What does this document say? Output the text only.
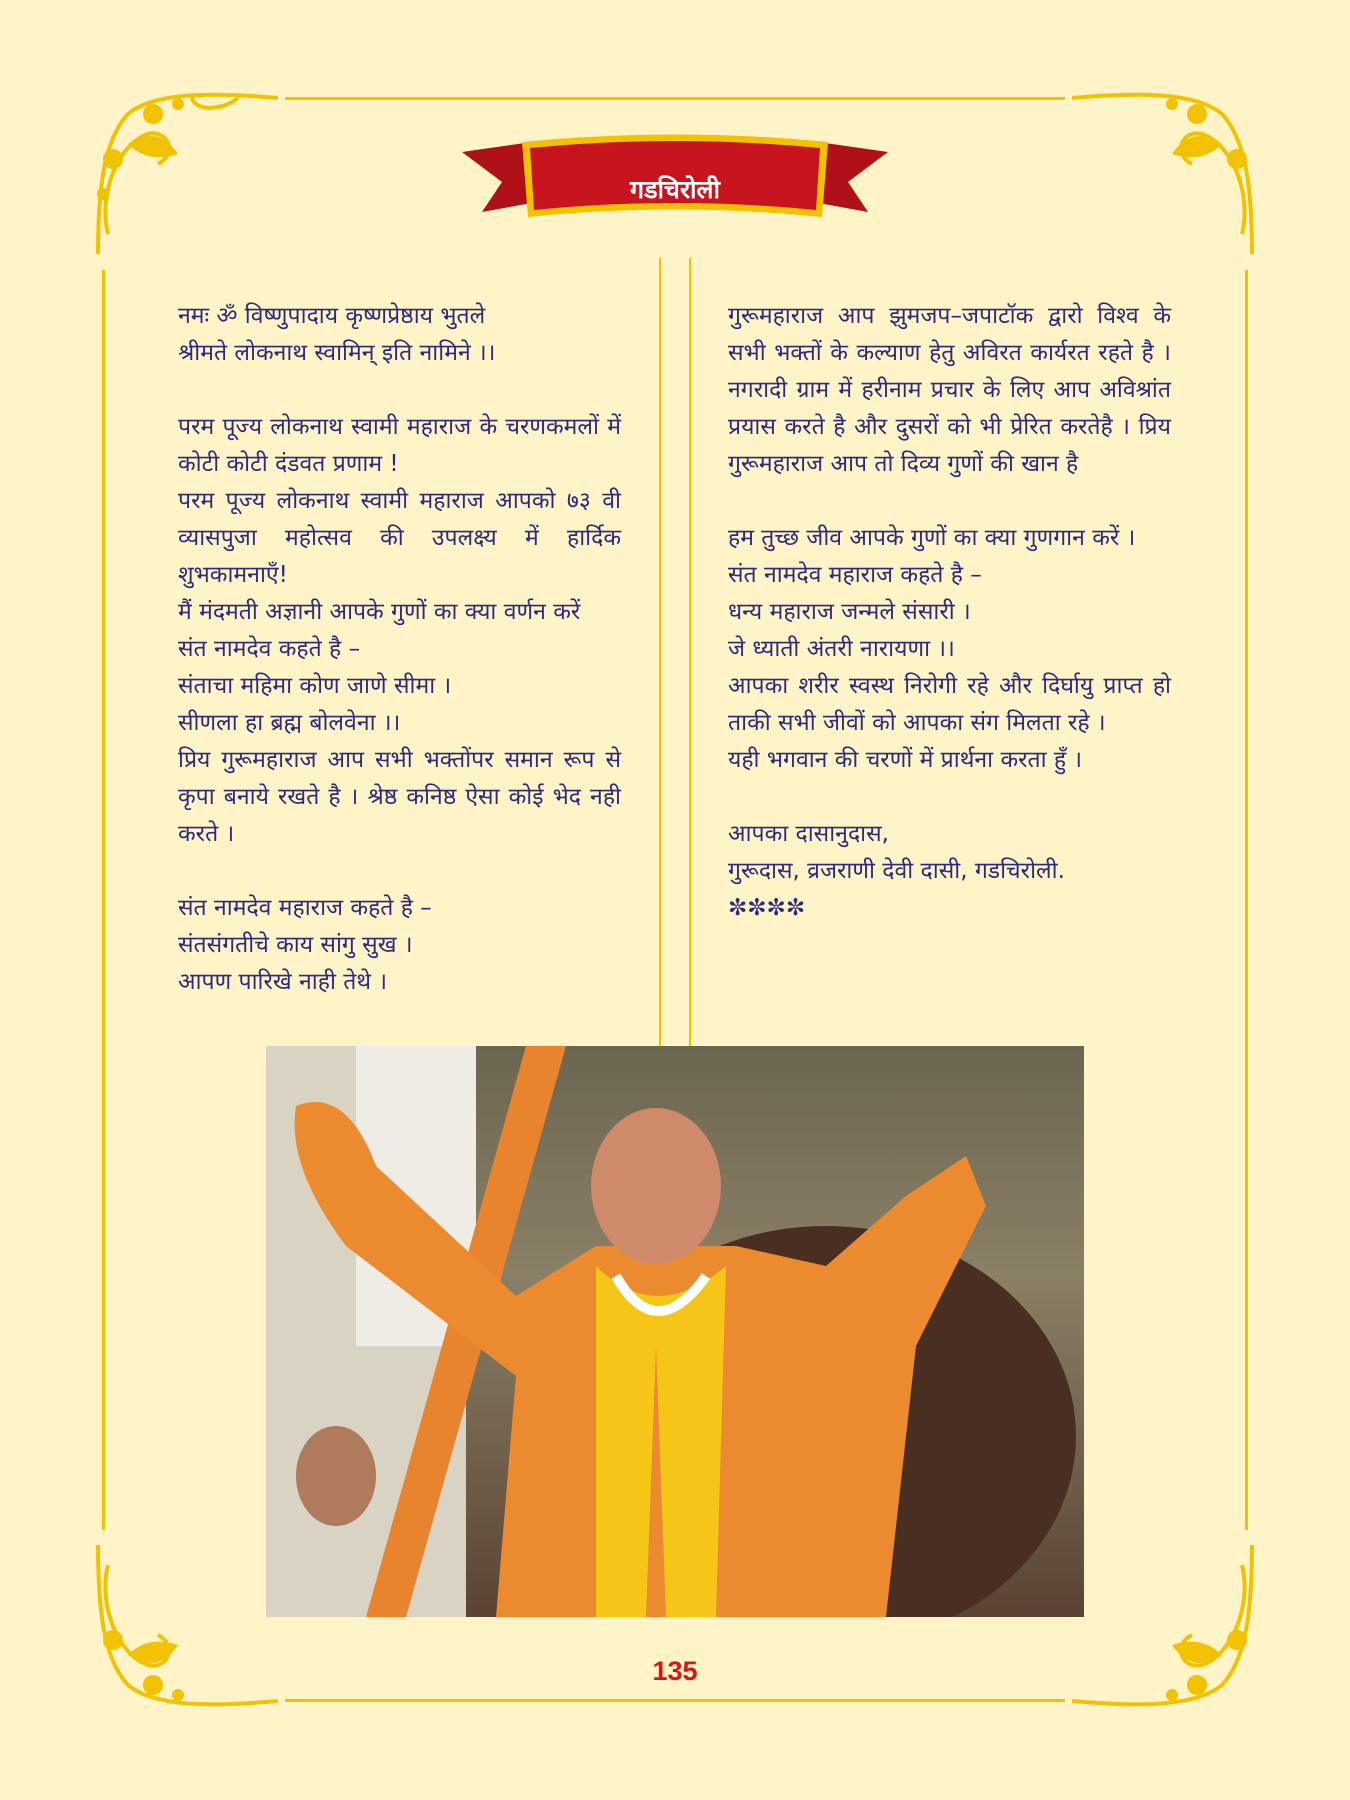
गडचिरोली

नमः ॐ विष्णुपादाय कृष्णप्रेष्ठाय भुतले

श्रीमते लोकनाथ स्वामिन् इति नामिने ।।

परम पूज्य लोकनाथ स्वामी महाराज के चरणकमलों में कोटी कोटी दंडवत प्रणाम !

परम पूज्य लोकनाथ स्वामी महाराज आपको ७३ वी व्यासपुजा महोत्सव की उपलक्ष्य में हार्दिक शुभकामनाएँ!

मैं मंदमती अज्ञानी आपके गुणों का क्या वर्णन करें

संत नामदेव कहते है –

संताचा महिमा कोण जाणे सीमा ।

सीणला हा ब्रह्म बोलवेना ।।

प्रिय गुरूमहाराज आप सभी भक्तोंपर समान रूप से कृपा बनाये रखते है । श्रेष्ठ कनिष्ठ ऐसा कोई भेद नही करते ।

संत नामदेव महाराज कहते है –

संतसंगतीचे काय सांगु सुख ।

आपण पारिखे नाही तेथे ।

गुरूमहाराज आप झुमजप–जपाटॉक द्वारो विश्व के सभी भक्तों के कल्याण हेतु अविरत कार्यरत रहते है । नगरादी ग्राम में हरीनाम प्रचार के लिए आप अविश्रांत प्रयास करते है और दुसरों को भी प्रेरित करतेहै । प्रिय गुरूमहाराज आप तो दिव्य गुणों की खान है

हम तुच्छ जीव आपके गुणों का क्या गुणगान करें ।

संत नामदेव महाराज कहते है –

धन्य महाराज जन्मले संसारी ।

जे ध्याती अंतरी नारायणा ।।

आपका शरीर स्वस्थ निरोगी रहे और दिर्घायु प्राप्त हो ताकी सभी जीवों को आपका संग मिलता रहे ।

यही भगवान की चरणों में प्रार्थना करता हुँ ।

आपका दासानुदास,

गुरूदास, व्रजराणी देवी दासी, गडचिरोली.

✼✼✼✼

135
